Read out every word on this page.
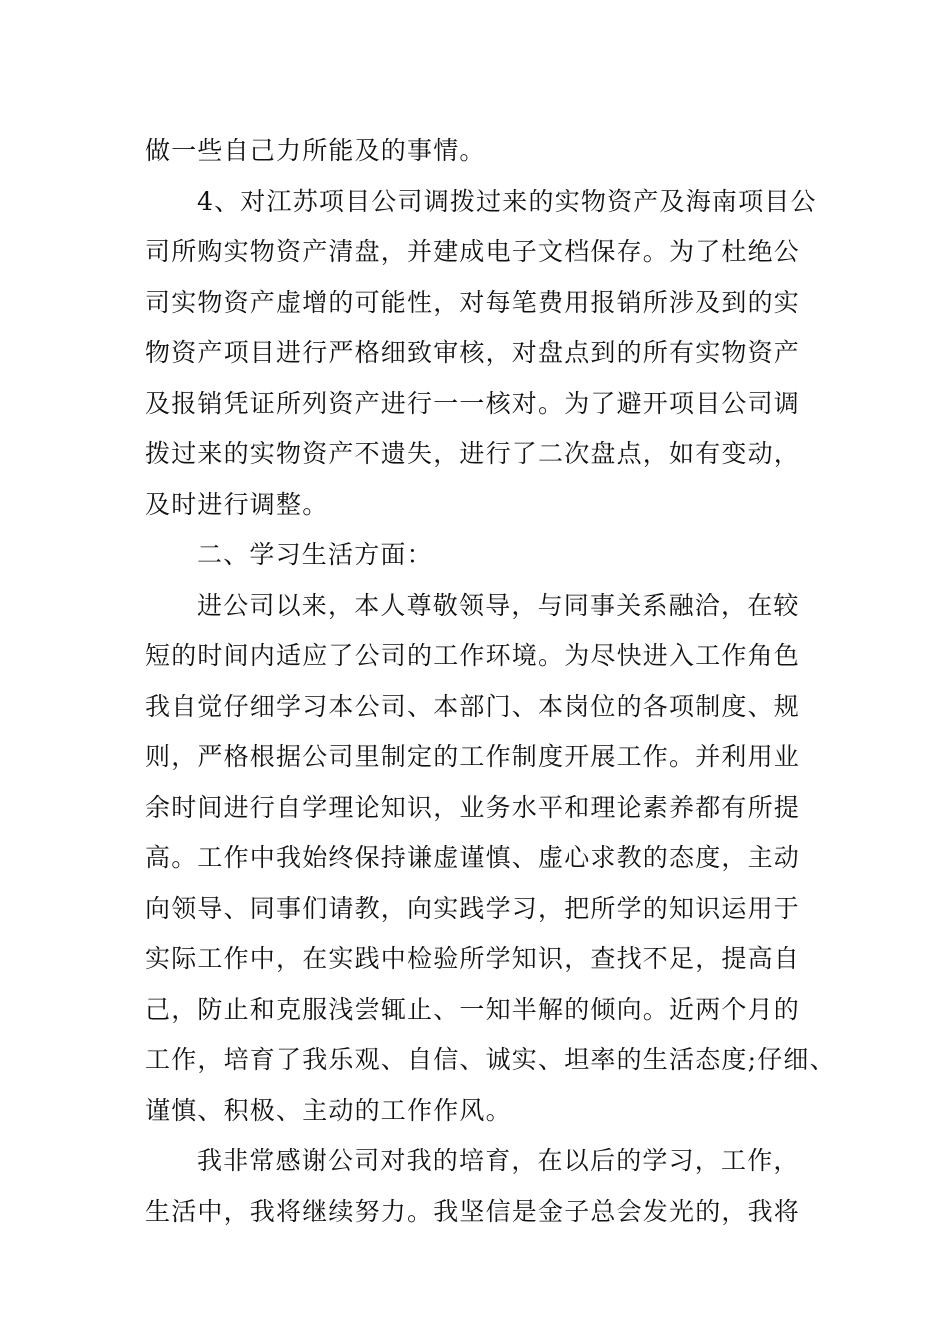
做一些自己力所能及的事情。
4、对江苏项目公司调拨过来的实物资产及海南项目公
司所购实物资产清盘，并建成电子文档保存。为了杜绝公
司实物资产虚增的可能性，对每笔费用报销所涉及到的实
物资产项目进行严格细致审核，对盘点到的所有实物资产
及报销凭证所列资产进行一一核对。为了避开项目公司调
拨过来的实物资产不遗失，进行了二次盘点，如有变动，
及时进行调整。
二、学习生活方面：
进公司以来，本人尊敬领导，与同事关系融洽，在较
短的时间内适应了公司的工作环境。为尽快进入工作角色
我自觉仔细学习本公司、本部门、本岗位的各项制度、规
则，严格根据公司里制定的工作制度开展工作。并利用业
余时间进行自学理论知识，业务水平和理论素养都有所提
高。工作中我始终保持谦虚谨慎、虚心求教的态度，主动
向领导、同事们请教，向实践学习，把所学的知识运用于
实际工作中，在实践中检验所学知识，查找不足，提高自
己，防止和克服浅尝辄止、一知半解的倾向。近两个月的
工作，培育了我乐观、自信、诚实、坦率的生活态度;仔细、
谨慎、积极、主动的工作作风。
我非常感谢公司对我的培育，在以后的学习，工作，
生活中，我将继续努力。我坚信是金子总会发光的，我将
